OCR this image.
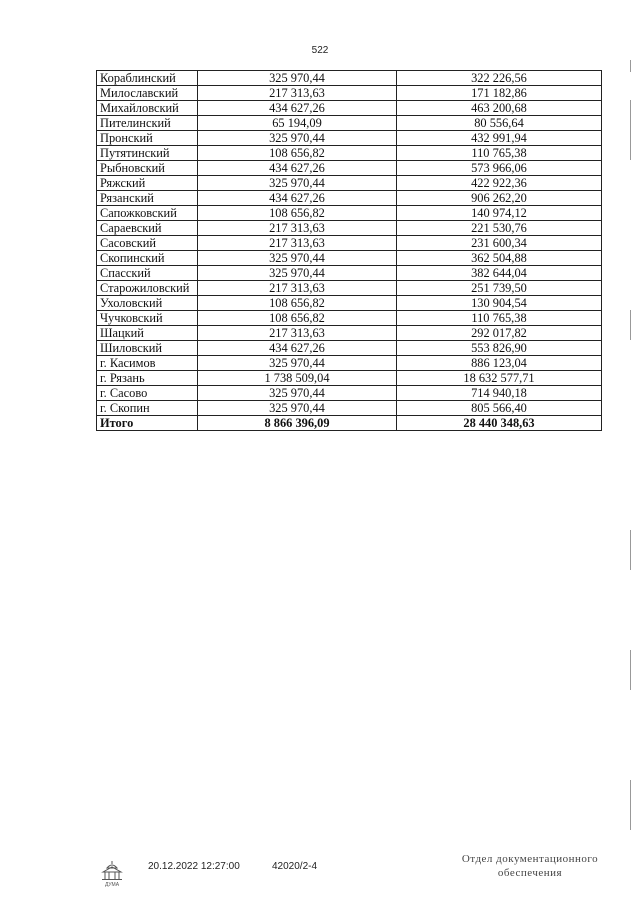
522
Кораблинский	325 970,44	322 226,56
Милославский	217 313,63	171 182,86
Михайловский	434 627,26	463 200,68
Пителинский	65 194,09	80 556,64
Пронский	325 970,44	432 991,94
Путятинский	108 656,82	110 765,38
Рыбновский	434 627,26	573 966,06
Ряжский	325 970,44	422 922,36
Рязанский	434 627,26	906 262,20
Сапожковский	108 656,82	140 974,12
Сараевский	217 313,63	221 530,76
Сасовский	217 313,63	231 600,34
Скопинский	325 970,44	362 504,88
Спасский	325 970,44	382 644,04
Старожиловский	217 313,63	251 739,50
Ухоловский	108 656,82	130 904,54
Чучковский	108 656,82	110 765,38
Шацкий	217 313,63	292 017,82
Шиловский	434 627,26	553 826,90
г. Касимов	325 970,44	886 123,04
г. Рязань	1 738 509,04	18 632 577,71
г. Сасово	325 970,44	714 940,18
г. Скопин	325 970,44	805 566,40
Итого	8 866 396,09	28 440 348,63
ДУМА
20.12.2022 12:27:00	42020/2-4
Отдел документационного
обеспечения
